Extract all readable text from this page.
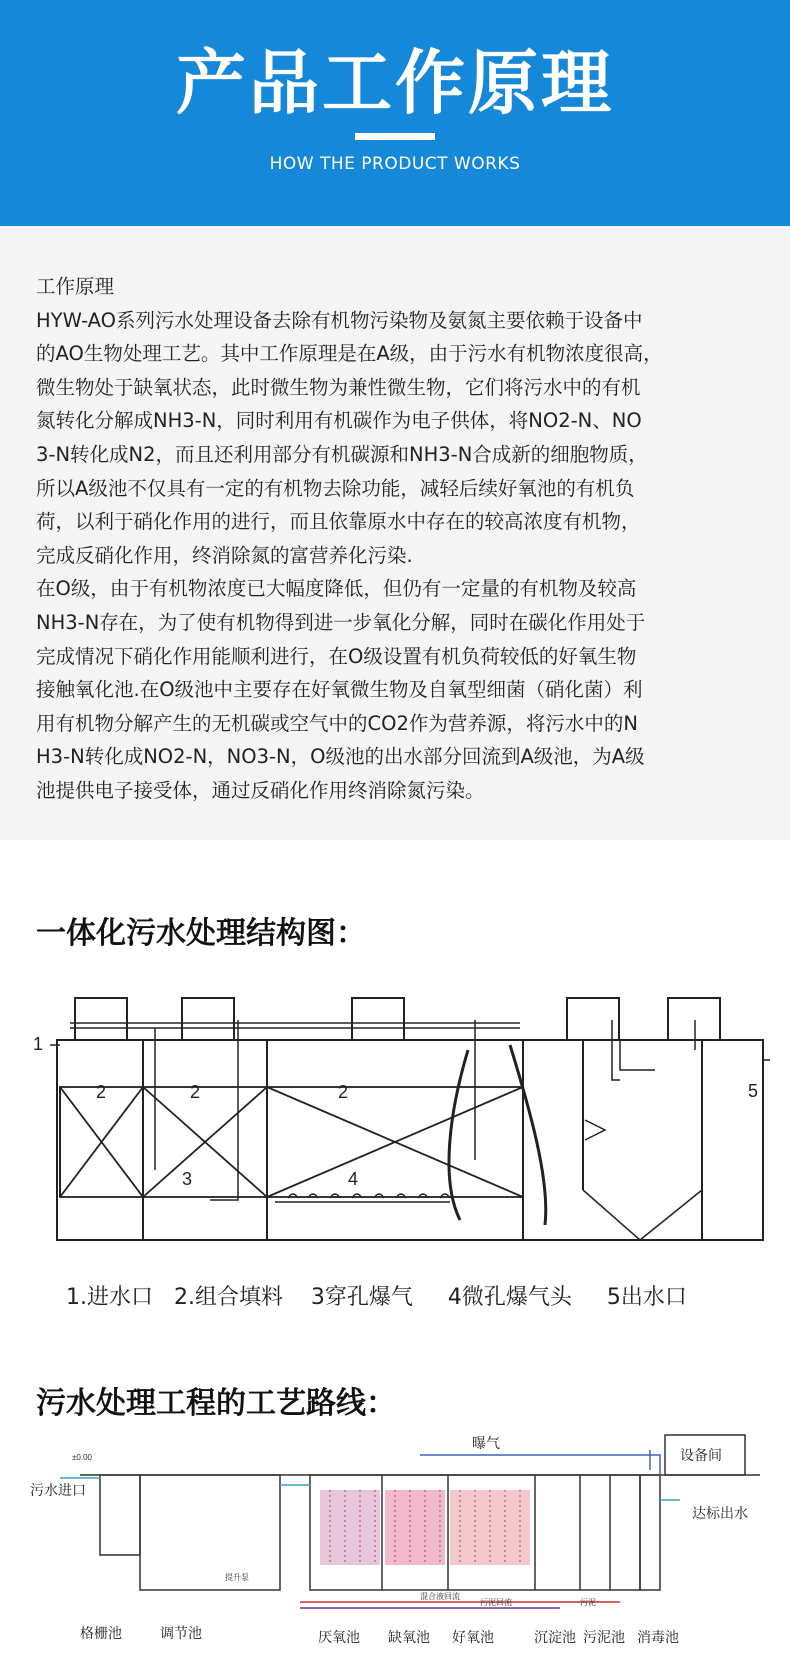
产品工作原理
HOW THE PRODUCT WORKS

工作原理

HYW-AO系列污水处理设备去除有机物污染物及氨氮主要依赖于设备中

的AO生物处理工艺。其中工作原理是在A级，由于污水有机物浓度很高，

微生物处于缺氧状态，此时微生物为兼性微生物，它们将污水中的有机

氮转化分解成NH3-N，同时利用有机碳作为电子供体，将NO2-N、NO

3-N转化成N2，而且还利用部分有机碳源和NH3-N合成新的细胞物质，

所以A级池不仅具有一定的有机物去除功能，减轻后续好氧池的有机负

荷，以利于硝化作用的进行，而且依靠原水中存在的较高浓度有机物，

完成反硝化作用，终消除氮的富营养化污染.

在O级，由于有机物浓度已大幅度降低，但仍有一定量的有机物及较高

NH3-N存在，为了使有机物得到进一步氧化分解，同时在碳化作用处于

完成情况下硝化作用能顺利进行，在O级设置有机负荷较低的好氧生物

接触氧化池.在O级池中主要存在好氧微生物及自氧型细菌（硝化菌）利

用有机物分解产生的无机碳或空气中的CO2作为营养源，将污水中的N

H3-N转化成NO2-N，NO3-N，O级池的出水部分回流到A级池，为A级

池提供电子接受体，通过反硝化作用终消除氮污染。

一体化污水处理结构图：
1
2	2	2
3	4
5
1.进水口   2.组合填料    3穿孔爆气     4微孔爆气头     5出水口
污水处理工程的工艺路线：
±0.00
提升泵
混合液回流
污泥回流	污泥
污水进口
曝气
设备间
达标出水
格栅池	调节池	厌氧池 缺氧池 好氧池	沉淀池 污泥池 消毒池
